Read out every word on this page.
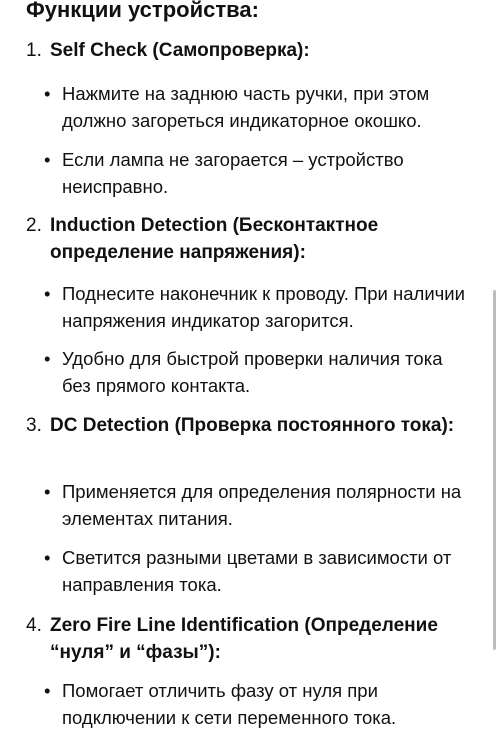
Функции устройства:
1. Self Check (Самопроверка):
• Нажмите на заднюю часть ручки, при этом должно загореться индикаторное окошко.
• Если лампа не загорается – устройство неисправно.
2. Induction Detection (Бесконтактное определение напряжения):
• Поднесите наконечник к проводу. При наличии напряжения индикатор загорится.
• Удобно для быстрой проверки наличия тока без прямого контакта.
3. DC Detection (Проверка постоянного тока):
• Применяется для определения полярности на элементах питания.
• Светится разными цветами в зависимости от направления тока.
4. Zero Fire Line Identification (Определение “нуля” и “фазы”):
• Помогает отличить фазу от нуля при подключении к сети переменного тока.
